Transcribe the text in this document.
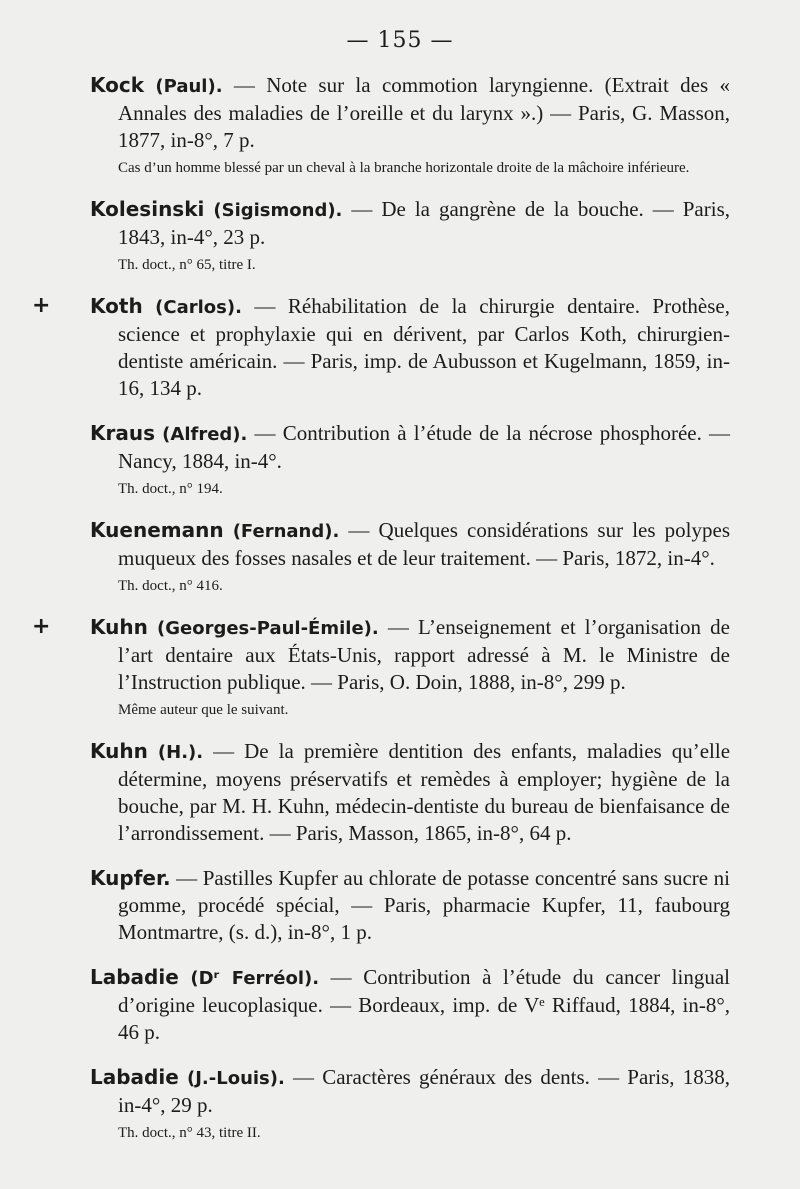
— 155 —
Kock (Paul). — Note sur la commotion laryngienne. (Extrait des « Annales des maladies de l’oreille et du larynx ».) — Paris, G. Masson, 1877, in-8°, 7 p.
Cas d’un homme blessé par un cheval à la branche horizontale droite de la mâchoire inférieure.
Kolesinski (Sigismond). — De la gangrène de la bouche. — Paris, 1843, in-4°, 23 p.
Th. doct., n° 65, titre I.
+ Koth (Carlos). — Réhabilitation de la chirurgie dentaire. Prothèse, science et prophylaxie qui en dérivent, par Carlos Koth, chirurgien-dentiste américain. — Paris, imp. de Aubusson et Kugelmann, 1859, in-16, 134 p.
Kraus (Alfred). — Contribution à l’étude de la nécrose phosphorée. — Nancy, 1884, in-4°.
Th. doct., n° 194.
Kuenemann (Fernand). — Quelques considérations sur les polypes muqueux des fosses nasales et de leur traitement. — Paris, 1872, in-4°.
Th. doct., n° 416.
+ Kuhn (Georges-Paul-Émile). — L’enseignement et l’organisation de l’art dentaire aux États-Unis, rapport adressé à M. le Ministre de l’Instruction publique. — Paris, O. Doin, 1888, in-8°, 299 p.
Même auteur que le suivant.
Kuhn (H.). — De la première dentition des enfants, maladies qu’elle détermine, moyens préservatifs et remèdes à employer; hygiène de la bouche, par M. H. Kuhn, médecin-dentiste du bureau de bienfaisance de l’arrondissement. — Paris, Masson, 1865, in-8°, 64 p.
Kupfer. — Pastilles Kupfer au chlorate de potasse concentré sans sucre ni gomme, procédé spécial, — Paris, pharmacie Kupfer, 11, faubourg Montmartre, (s. d.), in-8°, 1 p.
Labadie (Dʳ Ferréol). — Contribution à l’étude du cancer lingual d’origine leucoplasique. — Bordeaux, imp. de Vᵉ Riffaud, 1884, in-8°, 46 p.
Labadie (J.-Louis). — Caractères généraux des dents. — Paris, 1838, in-4°, 29 p.
Th. doct., n° 43, titre II.
